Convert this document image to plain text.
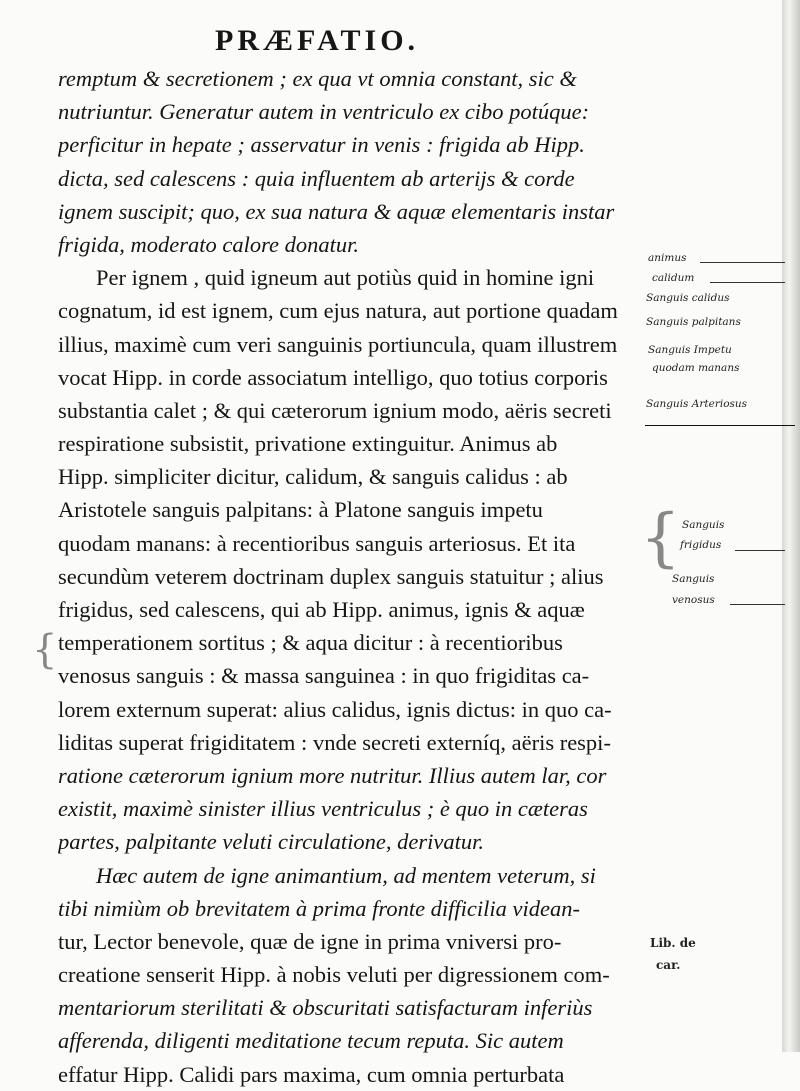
PRÆFATIO.
remptum & secretionem ; ex qua vt omnia constant, sic &
nutriuntur. Generatur autem in ventriculo ex cibo potúque:
perficitur in hepate ; asservatur in venis : frigida ab Hipp.
dicta, sed calescens : quia influentem ab arterijs & corde
ignem suscipit; quo, ex sua natura & aquæ elementaris instar
frigida, moderato calore donatur.
Per ignem , quid igneum aut potiùs quid in homine igni
cognatum, id est ignem, cum ejus natura, aut portione quadam
illius, maximè cum veri sanguinis portiuncula, quam illustrem
vocat Hipp. in corde associatum intelligo, quo totius corporis
substantia calet ; & qui cæterorum ignium modo, aëris secreti
respiratione subsistit, privatione extinguitur. Animus ab
Hipp. simpliciter dicitur, calidum, & sanguis calidus : ab
Aristotele sanguis palpitans: à Platone sanguis impetu
quodam manans: à recentioribus sanguis arteriosus. Et ita
secundùm veterem doctrinam duplex sanguis statuitur ; alius
frigidus, sed calescens, qui ab Hipp. animus, ignis & aquæ
temperationem sortitus ; & aqua dicitur : à recentioribus
venosus sanguis : & massa sanguinea : in quo frigiditas ca-
lorem externum superat: alius calidus, ignis dictus: in quo ca-
liditas superat frigiditatem : vnde secreti externíq, aëris respi-
ratione cæterorum ignium more nutritur. Illius autem lar, cor
existit, maximè sinister illius ventriculus ; è quo in cæteras
partes, palpitante veluti circulatione, derivatur.
Hæc autem de igne animantium, ad mentem veterum, si
tibi nimiùm ob brevitatem à prima fronte difficilia videan-
tur, Lector benevole, quæ de igne in prima vniversi pro-
creatione senserit Hipp. à nobis veluti per digressionem com-
mentariorum sterilitati & obscuritati satisfacturam inferiùs
afferenda, diligenti meditatione tecum reputa. Sic autem
effatur Hipp. Calidi pars maxima, cum omnia perturbata
animus
calidum
Sanguis calidus
Sanguis palpitans
Sanguis Impetu
quodam manans
Sanguis Arteriosus
{ Sanguis
frigidus
Sanguis
venosus
{
Lib. de
car.
